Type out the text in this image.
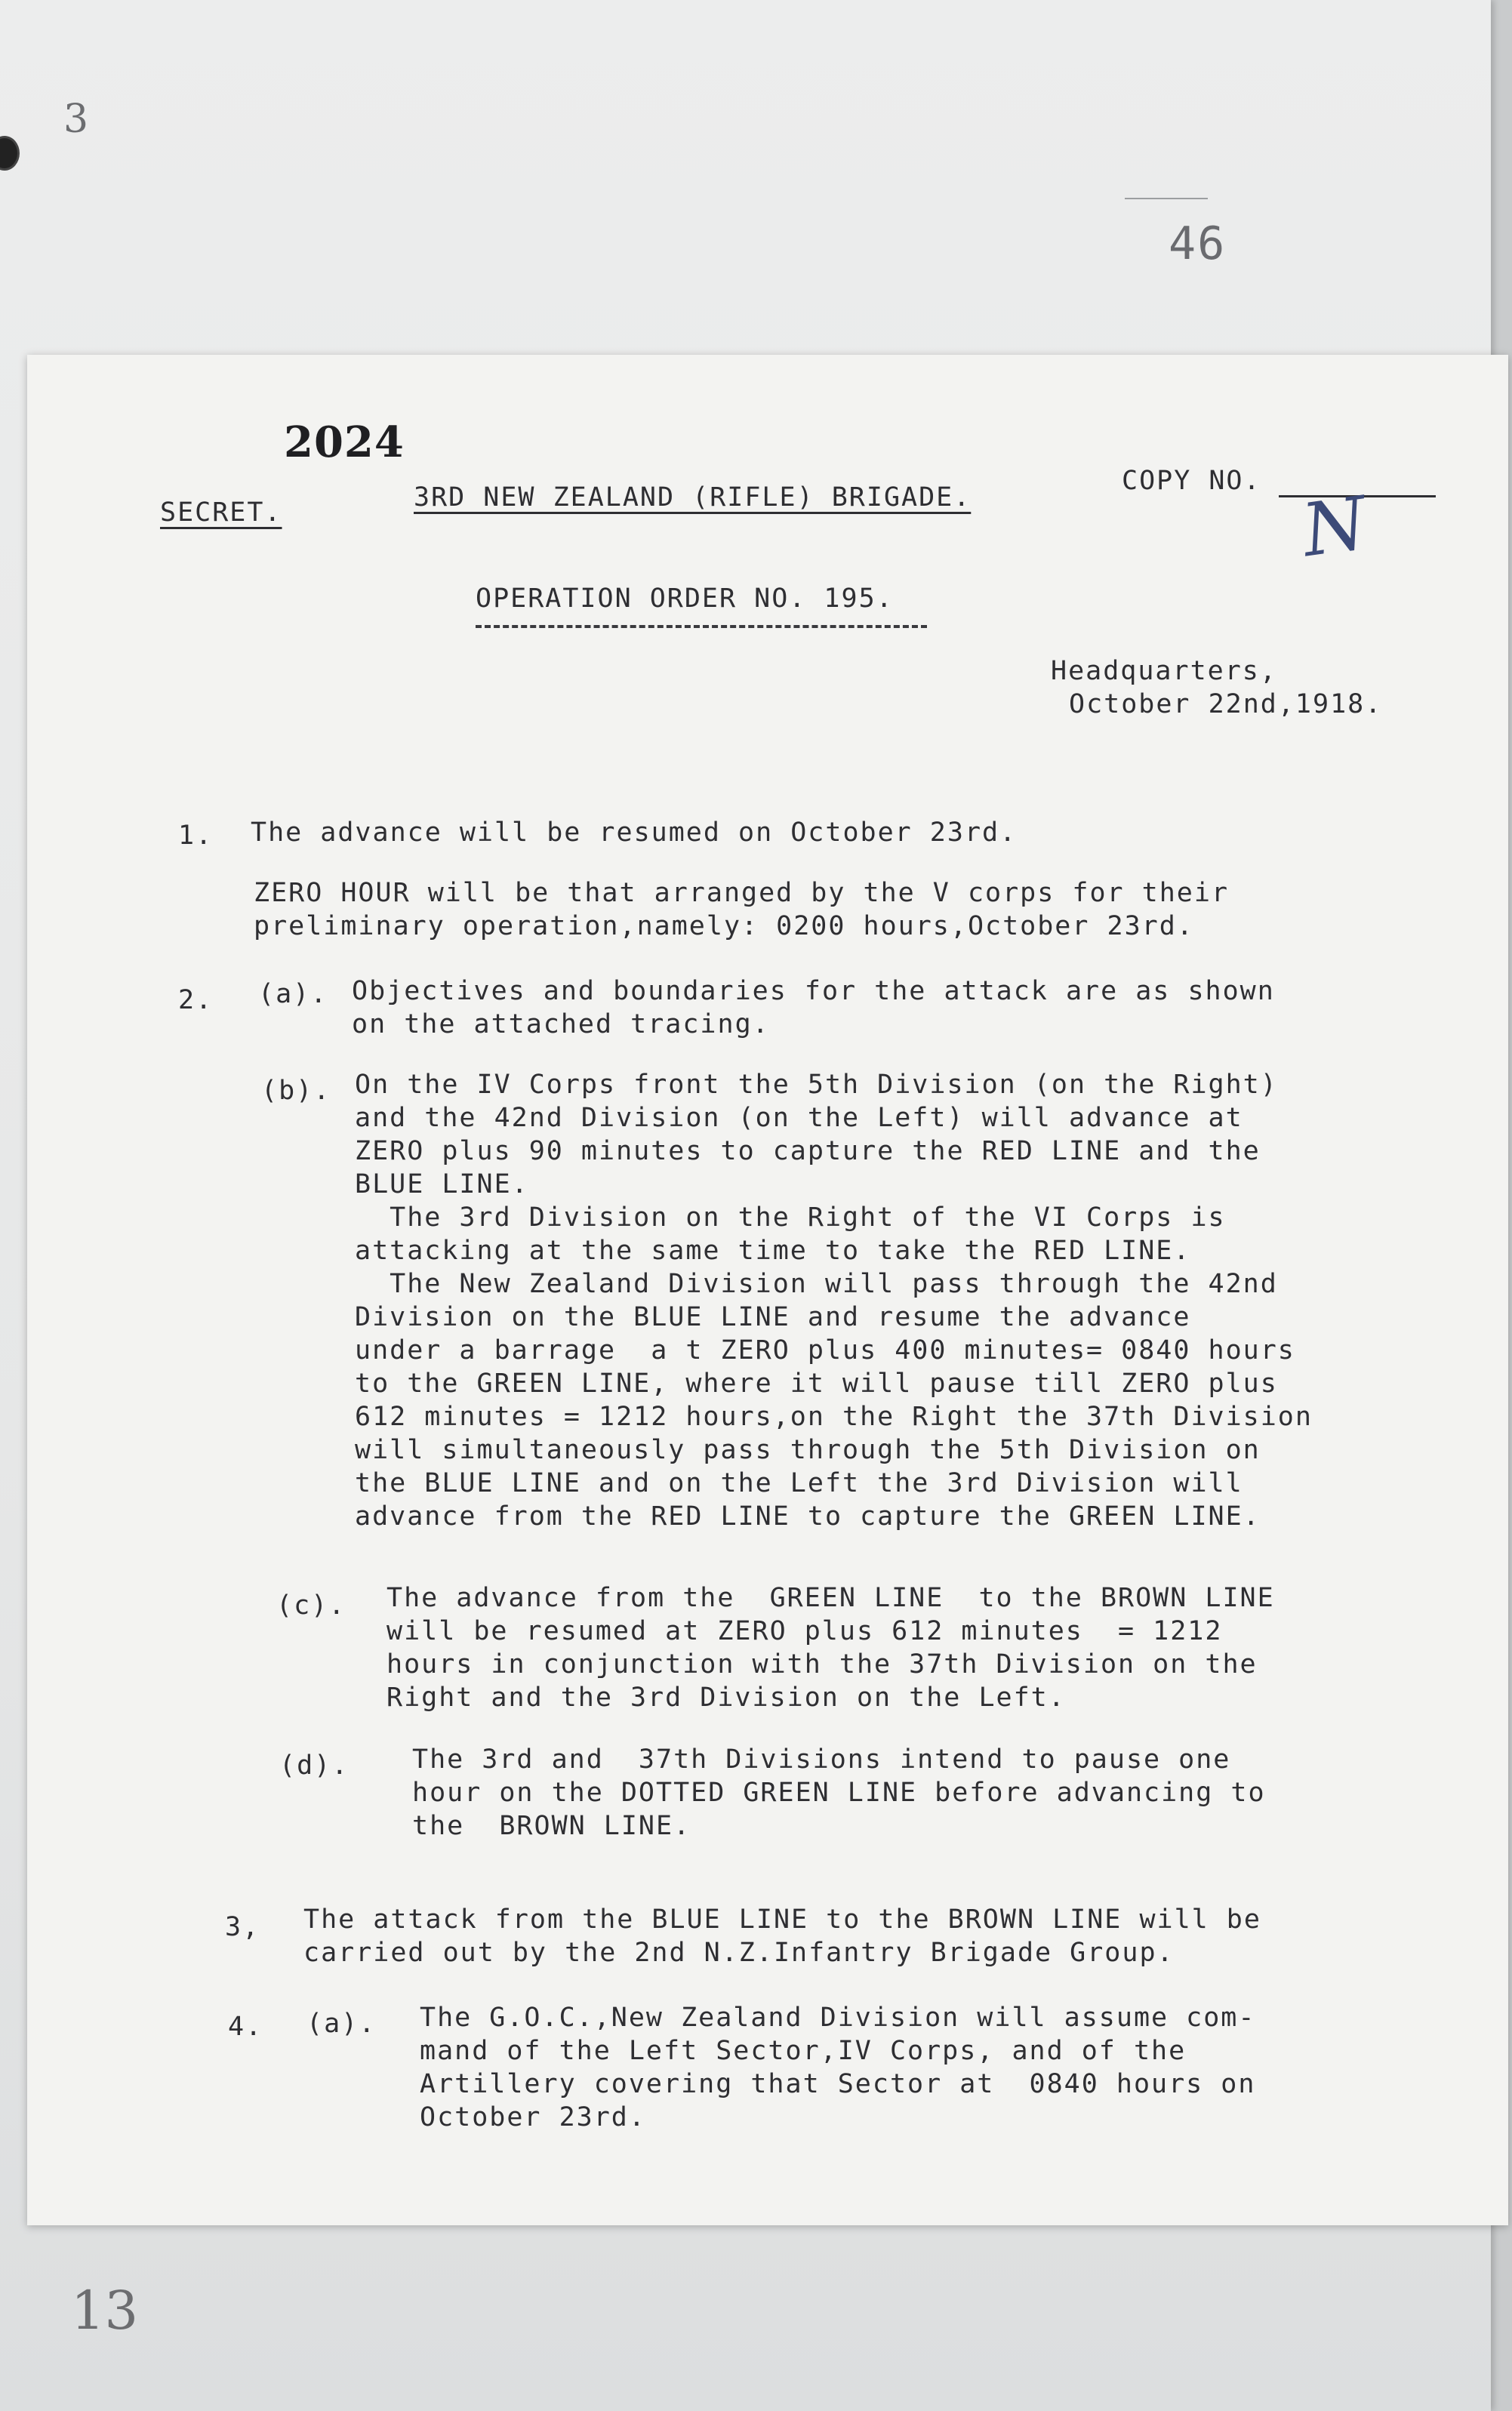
46
3
13
2024
SECRET.	3RD NEW ZEALAND (RIFLE) BRIGADE.
COPY NO. N
OPERATION ORDER NO. 195.
Headquarters,
October 22nd,1918.
1. The advance will be resumed on October 23rd.
ZERO HOUR will be that arranged by the V corps for their
preliminary operation,namely: 0200 hours,October 23rd.
2. (a). Objectives and boundaries for the attack are as shown
on the attached tracing.
(b). On the IV Corps front the 5th Division (on the Right)
and the 42nd Division (on the Left) will advance at
ZERO plus 90 minutes to capture the RED LINE and the
BLUE LINE.
The 3rd Division on the Right of the VI Corps is
attacking at the same time to take the RED LINE.
The New Zealand Division will pass through the 42nd
Division on the BLUE LINE and resume the advance
under a barrage  a t ZERO plus 400 minutes= 0840 hours
to the GREEN LINE, where it will pause till ZERO plus
612 minutes = 1212 hours,on the Right the 37th Division
will simultaneously pass through the 5th Division on
the BLUE LINE and on the Left the 3rd Division will
advance from the RED LINE to capture the GREEN LINE.
(c). The advance from the  GREEN LINE  to the BROWN LINE
will be resumed at ZERO plus 612 minutes  = 1212
hours in conjunction with the 37th Division on the
Right and the 3rd Division on the Left.
(d). The 3rd and  37th Divisions intend to pause one
hour on the DOTTED GREEN LINE before advancing to
the  BROWN LINE.
3, The attack from the BLUE LINE to the BROWN LINE will be
carried out by the 2nd N.Z.Infantry Brigade Group.
4. (a). The G.O.C.,New Zealand Division will assume com-
mand of the Left Sector,IV Corps, and of the
Artillery covering that Sector at  0840 hours on
October 23rd.
